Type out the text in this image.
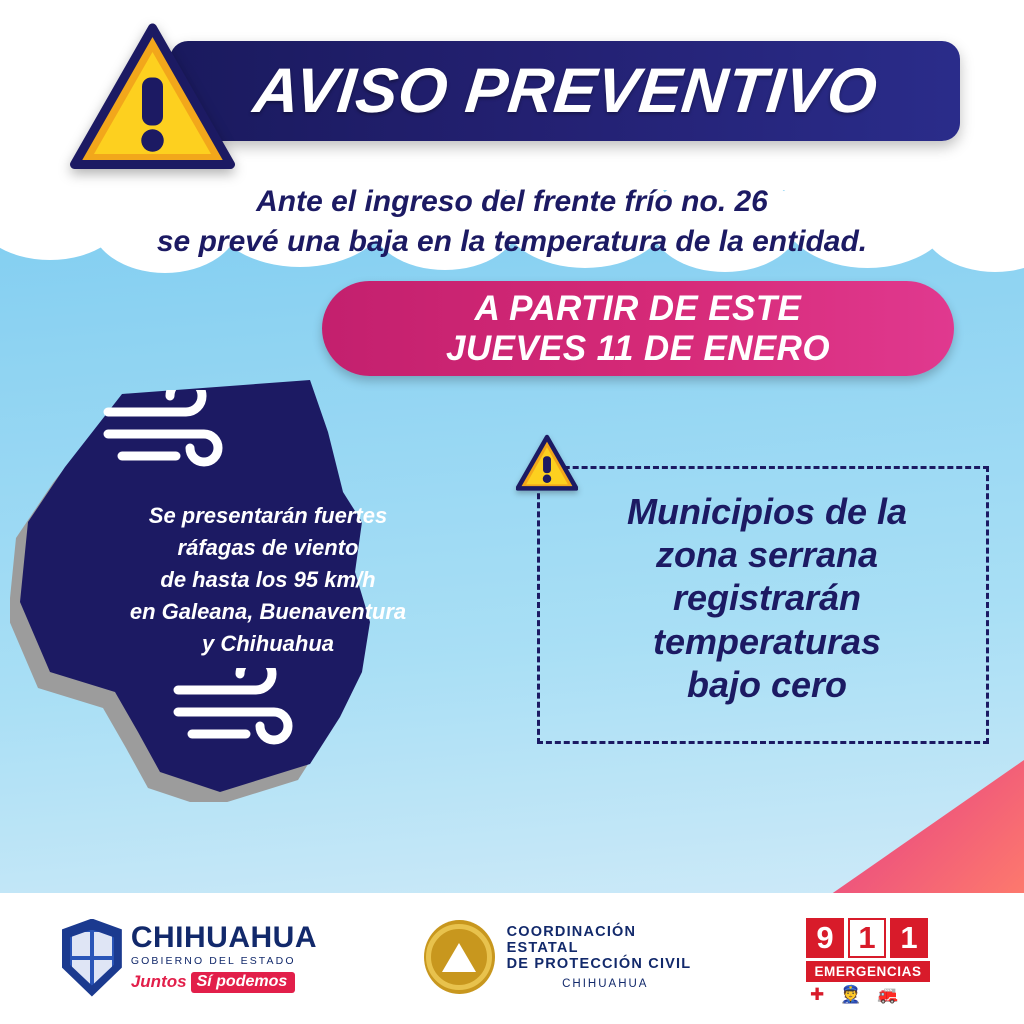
AVISO PREVENTIVO
Ante el ingreso del frente frío no. 26
se prevé una baja en la temperatura de la entidad.
A PARTIR DE ESTE
JUEVES 11 DE ENERO
Se presentarán fuertes
ráfagas de viento
de hasta los 95 km/h
en Galeana, Buenaventura
y Chihuahua
Municipios de la
zona serrana
registrarán
temperaturas
bajo cero
CHIHUAHUA
GOBIERNO DEL ESTADO
Juntos Sí podemos
COORDINACIÓN ESTATAL
DE PROTECCIÓN CIVIL
CHIHUAHUA
9 1 1
EMERGENCIAS
✚ 👮 🚒
